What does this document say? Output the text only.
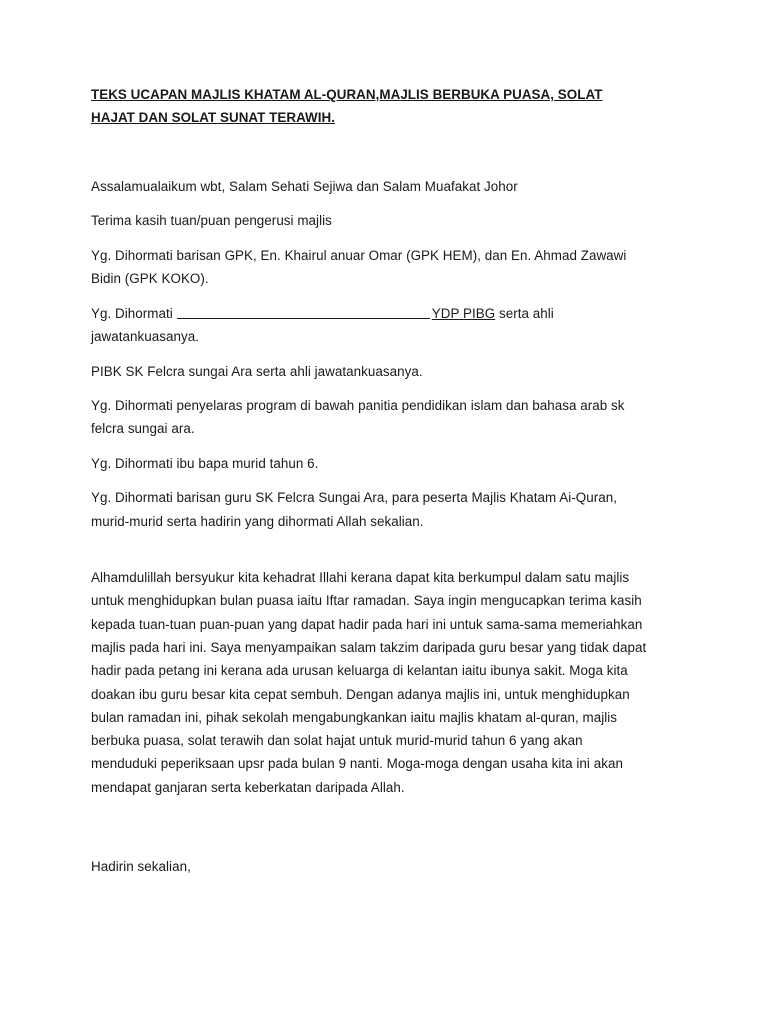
TEKS UCAPAN MAJLIS KHATAM AL-QURAN,MAJLIS BERBUKA PUASA, SOLAT
HAJAT DAN SOLAT SUNAT TERAWIH.
Assalamualaikum wbt, Salam Sehati Sejiwa dan Salam Muafakat Johor
Terima kasih tuan/puan pengerusi majlis
Yg. Dihormati barisan GPK, En. Khairul anuar Omar (GPK HEM), dan En. Ahmad Zawawi
Bidin (GPK KOKO).
Yg. Dihormati	YDP PIBG serta ahli
jawatankuasanya.
PIBK SK Felcra sungai Ara serta ahli jawatankuasanya.
Yg. Dihormati penyelaras program di bawah panitia pendidikan islam dan bahasa arab sk
felcra sungai ara.
Yg. Dihormati ibu bapa murid tahun 6.
Yg. Dihormati barisan guru SK Felcra Sungai Ara, para peserta Majlis Khatam Ai-Quran,
murid-murid serta hadirin yang dihormati Allah sekalian.
Alhamdulillah bersyukur kita kehadrat Illahi kerana dapat kita berkumpul dalam satu majlis
untuk menghidupkan bulan puasa iaitu Iftar ramadan. Saya ingin mengucapkan terima kasih
kepada tuan-tuan puan-puan yang dapat hadir pada hari ini untuk sama-sama memeriahkan
majlis pada hari ini. Saya menyampaikan salam takzim daripada guru besar yang tidak dapat
hadir pada petang ini kerana ada urusan keluarga di kelantan iaitu ibunya sakit. Moga kita
doakan ibu guru besar kita cepat sembuh. Dengan adanya majlis ini, untuk menghidupkan
bulan ramadan ini, pihak sekolah mengabungkankan iaitu majlis khatam al-quran, majlis
berbuka puasa, solat terawih dan solat hajat untuk murid-murid tahun 6 yang akan
menduduki peperiksaan upsr pada bulan 9 nanti. Moga-moga dengan usaha kita ini akan
mendapat ganjaran serta keberkatan daripada Allah.
Hadirin sekalian,
